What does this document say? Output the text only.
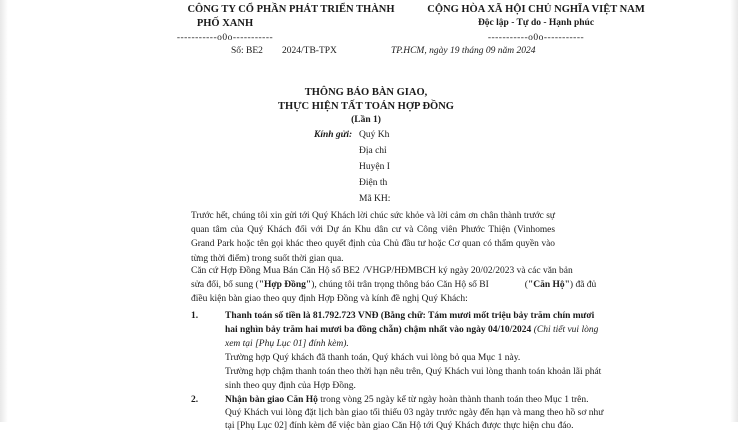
CÔNG TY CỔ PHẦN PHÁT TRIỂN THÀNH
PHỐ XANH
-----------o0o-----------
CỘNG HÒA XÃ HỘI CHỦ NGHĨA VIỆT NAM
Độc lập - Tự do - Hạnh phúc
-----------o0o-----------
Số: BE2 2024/TB-TPX	TP.HCM, ngày 19 tháng 09 năm 2024
THÔNG BÁO BÀN GIAO,
THỰC HIỆN TẤT TOÁN HỢP ĐỒNG
(Lần 1)
Kính gửi: Quý Kh
Địa chỉ
Huyện I
Điện th
Mã KH:
Trước hết, chúng tôi xin gửi tới Quý Khách lời chúc sức khỏe và lời cảm ơn chân thành trước sự quan tâm của Quý Khách đối với Dự án Khu dân cư và Công viên Phước Thiện (Vinhomes Grand Park hoặc tên gọi khác theo quyết định của Chủ đầu tư hoặc Cơ quan có thẩm quyền vào từng thời điểm) trong suốt thời gian qua.
Căn cứ Hợp Đồng Mua Bán Căn Hộ số BE2 /VHGP/HĐMBCH ký ngày 20/02/2023 và các văn bản
sửa đổi, bổ sung ("Hợp Đồng"), chúng tôi trân trọng thông báo Căn Hộ số BI	("Căn Hộ") đã đủ
điều kiện bàn giao theo quy định Hợp Đồng và kính đề nghị Quý Khách:
1.	Thanh toán số tiền là 81.792.723 VNĐ (Bằng chữ: Tám mươi mốt triệu bảy trăm chín mươi
hai nghìn bảy trăm hai mươi ba đồng chẵn) chậm nhất vào ngày 04/10/2024 (Chi tiết vui lòng
xem tại [Phụ Lục 01] đính kèm).
Trường hợp Quý khách đã thanh toán, Quý khách vui lòng bỏ qua Mục 1 này.
Trường hợp chậm thanh toán theo thời hạn nêu trên, Quý Khách vui lòng thanh toán khoản lãi phát
sinh theo quy định của Hợp Đồng.
2.	Nhận bàn giao Căn Hộ trong vòng 25 ngày kể từ ngày hoàn thành thanh toán theo Mục 1 trên.
Quý Khách vui lòng đặt lịch bàn giao tối thiểu 03 ngày trước ngày đến hạn và mang theo hồ sơ như
tại [Phụ Lục 02] đính kèm để việc bàn giao Căn Hộ tới Quý Khách được thực hiện chu đáo.
